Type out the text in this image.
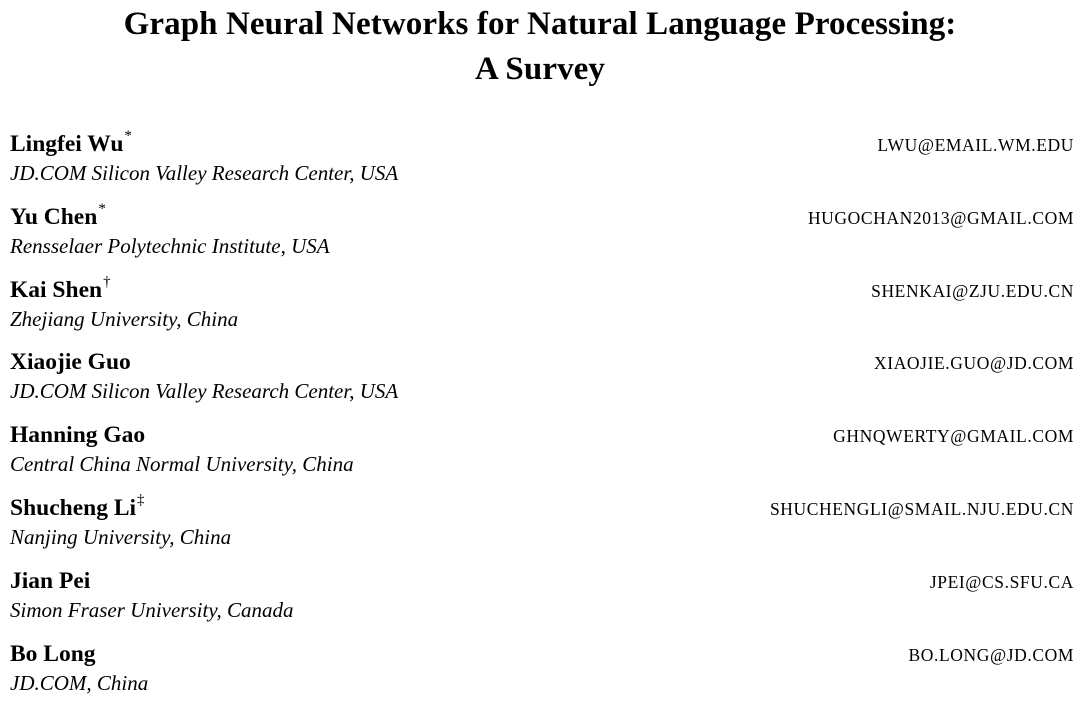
Graph Neural Networks for Natural Language Processing:
A Survey
Lingfei Wu*	LWU@EMAIL.WM.EDU
JD.COM Silicon Valley Research Center, USA
Yu Chen*	HUGOCHAN2013@GMAIL.COM
Rensselaer Polytechnic Institute, USA
Kai Shen†	SHENKAI@ZJU.EDU.CN
Zhejiang University, China
Xiaojie Guo	XIAOJIE.GUO@JD.COM
JD.COM Silicon Valley Research Center, USA
Hanning Gao	GHNQWERTY@GMAIL.COM
Central China Normal University, China
Shucheng Li‡	SHUCHENGLI@SMAIL.NJU.EDU.CN
Nanjing University, China
Jian Pei	JPEI@CS.SFU.CA
Simon Fraser University, Canada
Bo Long	BO.LONG@JD.COM
JD.COM, China
